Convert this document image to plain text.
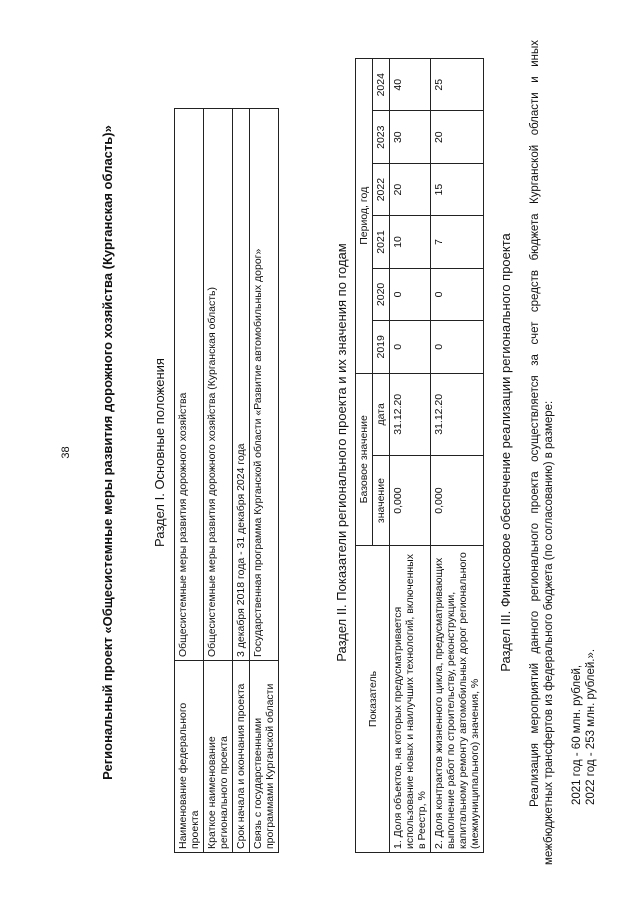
38 Региональный проект «Общесистемные меры развития дорожного хозяйства (Курганская область)»	Раздел I. Основные положения
Наименование федерального проекта	Общесистемные меры развития дорожного хозяйства
Краткое наименование регионального проекта	Общесистемные меры развития дорожного хозяйства (Курганская область)
Срок начала и окончания проекта	3 декабря 2018 года - 31 декабря 2024 года
Связь с государственными программами Курганской области	Государственная программа Курганской области «Развитие автомобильных дорог»	Раздел II. Показатели регионального проекта и их значения по годам
Показатель	Базовое значение		Период, год					
			2019	2020	2021	2022	2023	2024
	значение	дата						
1. Доля объектов, на которых предусматривается использование новых и наилучших технологий, включенных в Реестр, %	0,000	31.12.20	0	0	10	20	30	40
2. Доля контрактов жизненного цикла, предусматривающих выполнение работ по строительству, реконструкции, капитальному ремонту автомобильных дорог регионального (межмуниципального) значения, %	0,000	31.12.20	0	0	7	15	20	25
Раздел III. Финансовое обеспечение реализации регионального проекта Реализация мероприятий данного регионального проекта осуществляется за счет средств бюджета Курганской области и иных межбюджетных трансфертов из федерального бюджета (по согласованию) в размере: 2021 год - 60 млн. рублей, 2022 год - 253 млн. рублей.».
